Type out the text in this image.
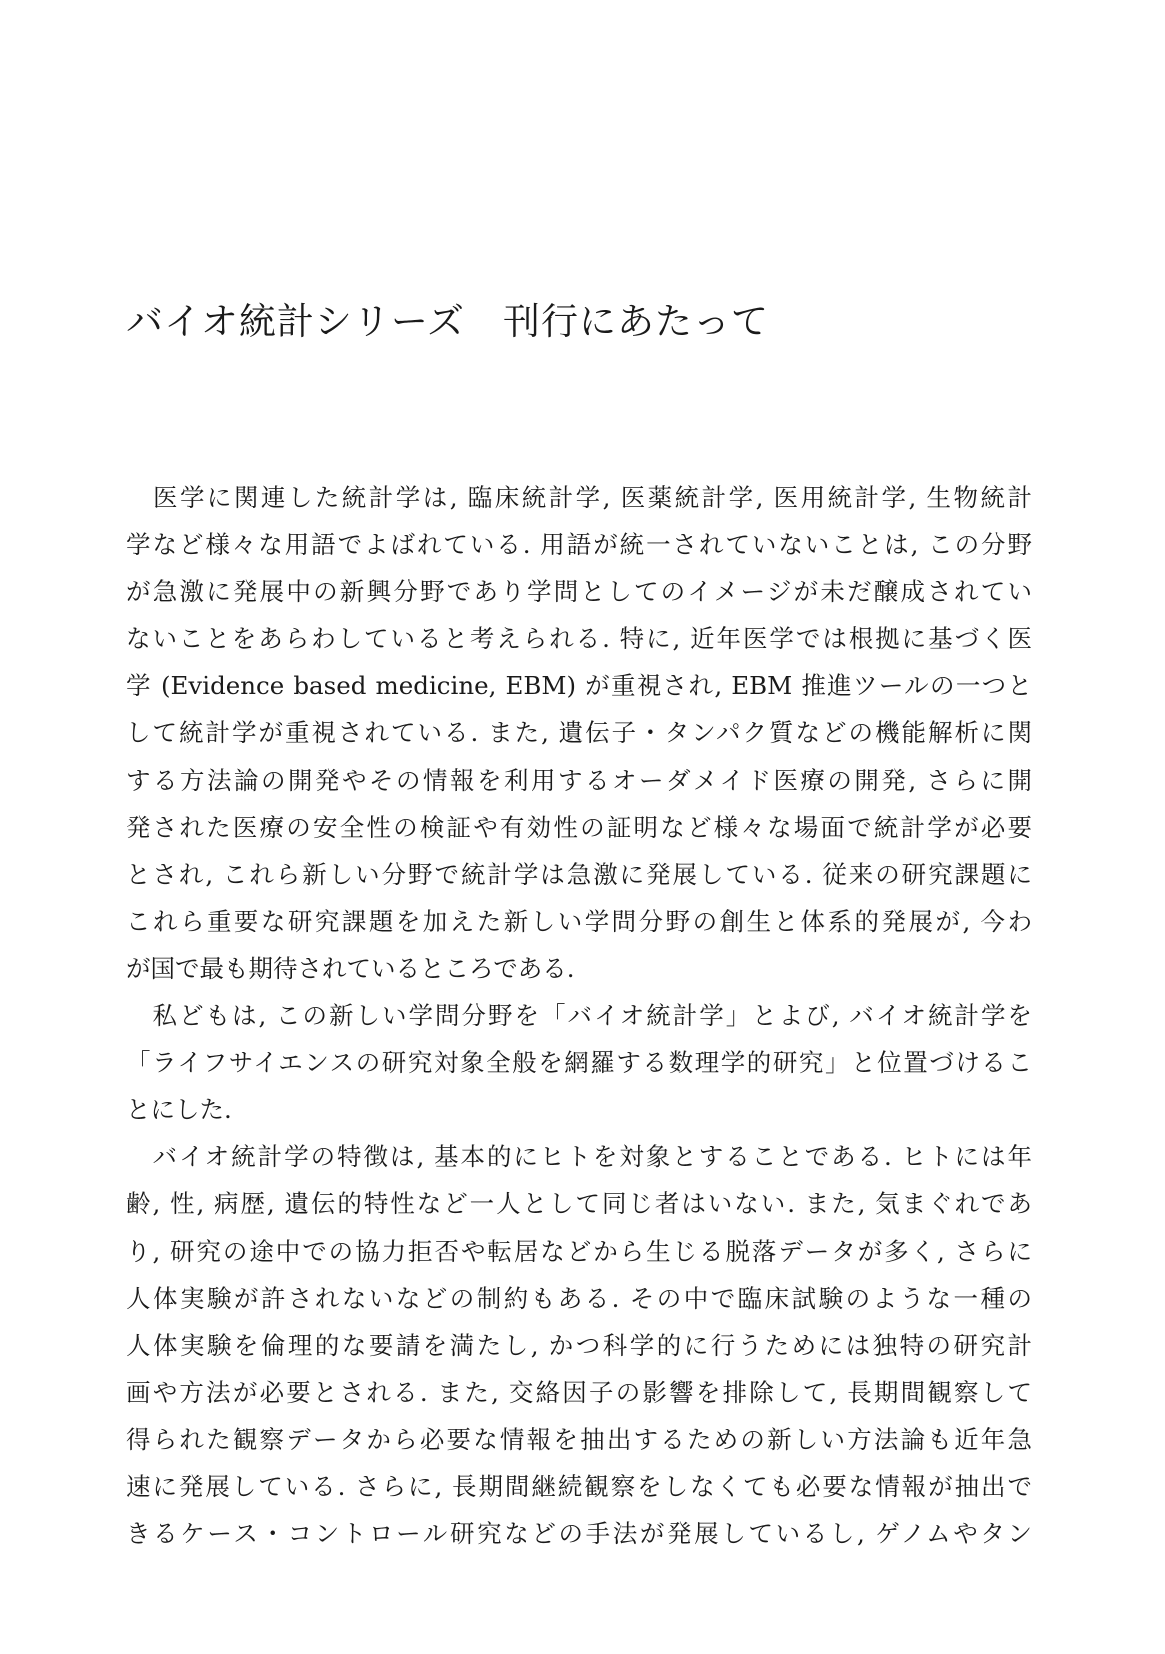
バイオ統計シリーズ　刊行にあたって
　医学に関連した統計学は, 臨床統計学, 医薬統計学, 医用統計学, 生物統計
学など様々な用語でよばれている. 用語が統一されていないことは, この分野
が急激に発展中の新興分野であり学問としてのイメージが未だ醸成されてい
ないことをあらわしていると考えられる. 特に, 近年医学では根拠に基づく医
学 (Evidence based medicine, EBM) が重視され, EBM 推進ツールの一つと
して統計学が重視されている. また, 遺伝子・タンパク質などの機能解析に関
する方法論の開発やその情報を利用するオーダメイド医療の開発, さらに開
発された医療の安全性の検証や有効性の証明など様々な場面で統計学が必要
とされ, これら新しい分野で統計学は急激に発展している. 従来の研究課題に
これら重要な研究課題を加えた新しい学問分野の創生と体系的発展が, 今わ
が国で最も期待されているところである.
　私どもは, この新しい学問分野を「バイオ統計学」とよび, バイオ統計学を
「ライフサイエンスの研究対象全般を網羅する数理学的研究」と位置づけるこ
とにした.
　バイオ統計学の特徴は, 基本的にヒトを対象とすることである. ヒトには年
齢, 性, 病歴, 遺伝的特性など一人として同じ者はいない. また, 気まぐれであ
り, 研究の途中での協力拒否や転居などから生じる脱落データが多く, さらに
人体実験が許されないなどの制約もある. その中で臨床試験のような一種の
人体実験を倫理的な要請を満たし, かつ科学的に行うためには独特の研究計
画や方法が必要とされる. また, 交絡因子の影響を排除して, 長期間観察して
得られた観察データから必要な情報を抽出するための新しい方法論も近年急
速に発展している. さらに, 長期間継続観察をしなくても必要な情報が抽出で
きるケース・コントロール研究などの手法が発展しているし, ゲノムやタン
